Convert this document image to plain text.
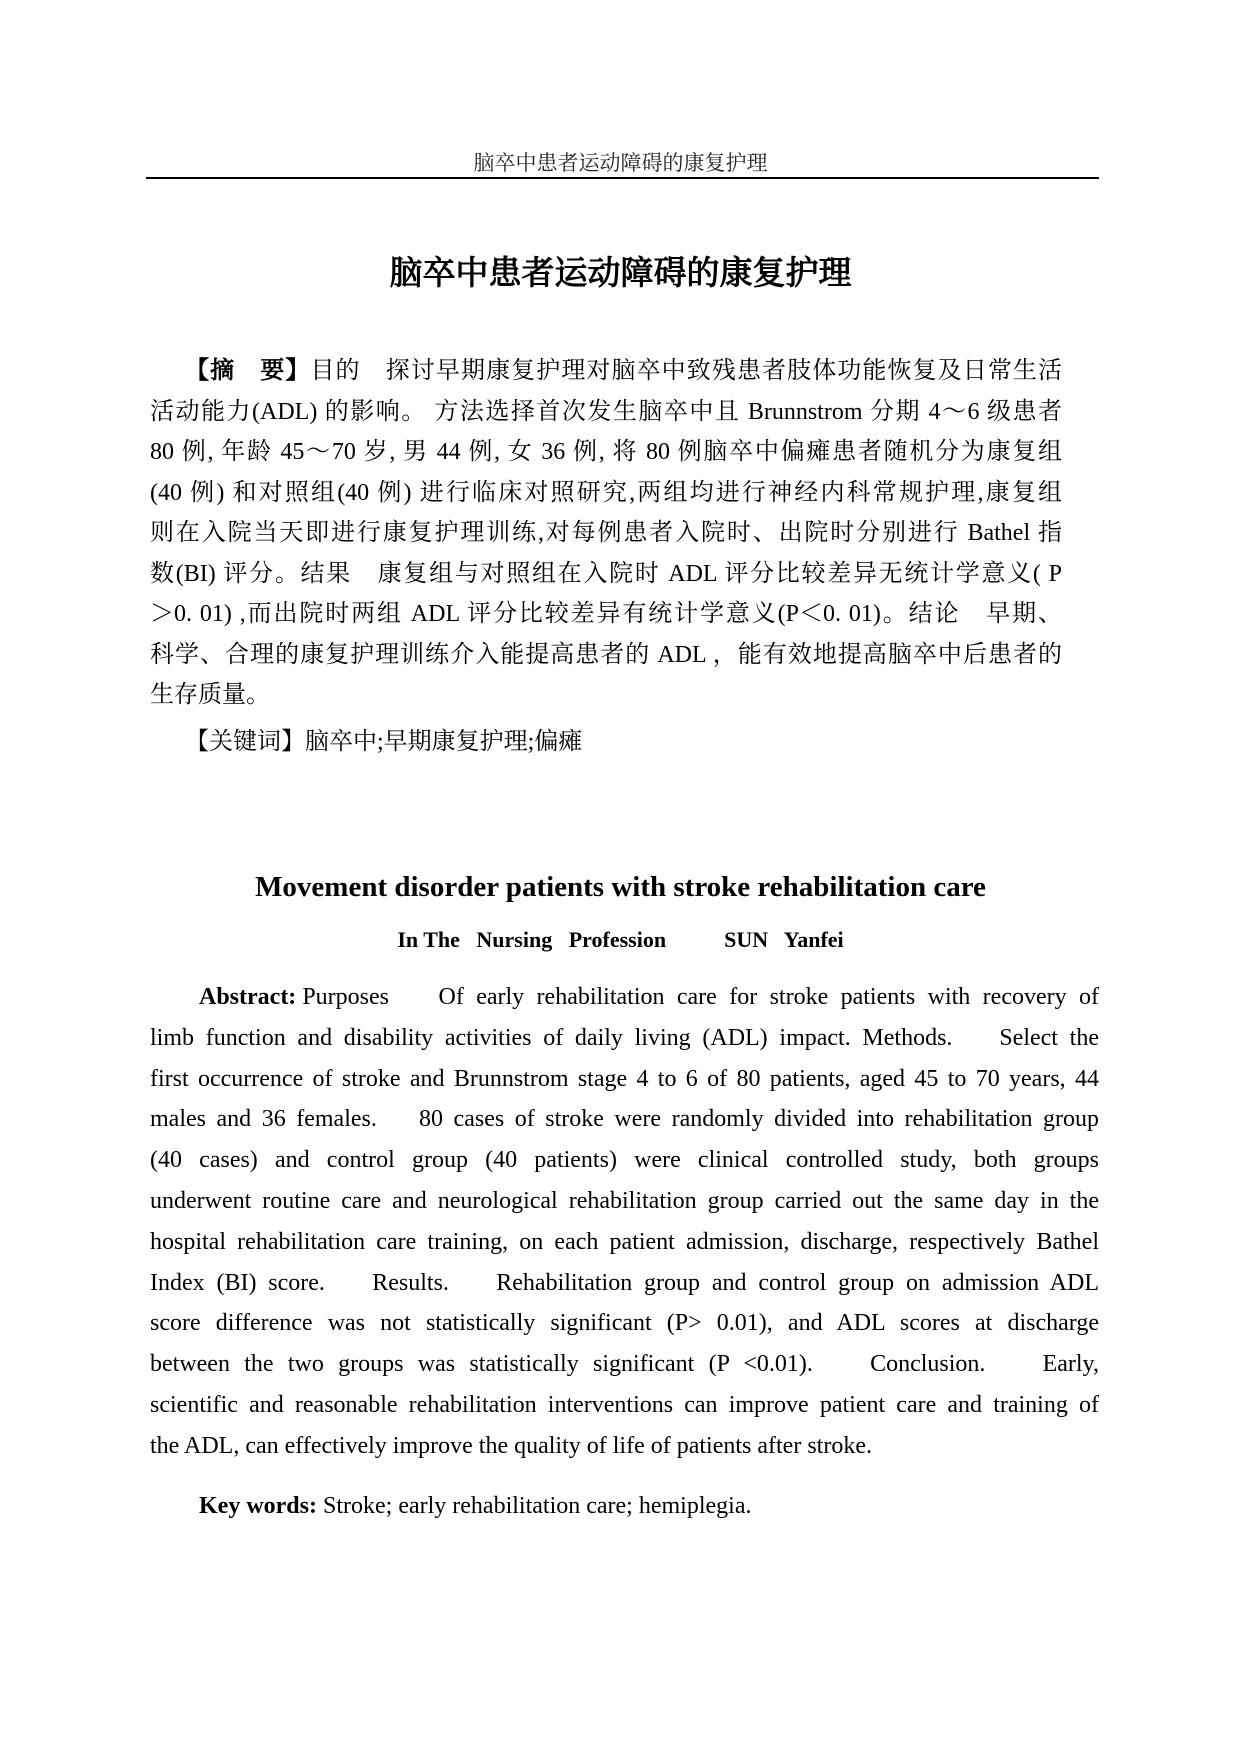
脑卒中患者运动障碍的康复护理
脑卒中患者运动障碍的康复护理
【摘　要】目的　探讨早期康复护理对脑卒中致残患者肢体功能恢复及日常生活
活动能力(ADL) 的影响。 方法选择首次发生脑卒中且 Brunnstrom 分期 4～6 级患者
80 例, 年龄 45～70 岁, 男 44 例, 女 36 例, 将 80 例脑卒中偏瘫患者随机分为康复组
(40 例) 和对照组(40 例) 进行临床对照研究,两组均进行神经内科常规护理,康复组
则在入院当天即进行康复护理训练,对每例患者入院时、出院时分别进行 Bathel 指
数(BI) 评分。结果　康复组与对照组在入院时 ADL 评分比较差异无统计学意义( P
＞0. 01) ,而出院时两组 ADL 评分比较差异有统计学意义(P＜0. 01)。结论　早期、
科学、合理的康复护理训练介入能提高患者的 ADL ，能有效地提高脑卒中后患者的
生存质量。
【关键词】脑卒中;早期康复护理;偏瘫
Movement disorder patients with stroke rehabilitation care
In The   Nursing   Profession	SUN   Yanfei
Abstract: Purposes    Of early rehabilitation care for stroke patients with recovery of
limb function and disability activities of daily living (ADL) impact. Methods.    Select the
first occurrence of stroke and Brunnstrom stage 4 to 6 of 80 patients, aged 45 to 70 years, 44
males and 36 females.    80 cases of stroke were randomly divided into rehabilitation group
(40 cases) and control group (40 patients) were clinical controlled study, both groups
underwent routine care and neurological rehabilitation group carried out the same day in the
hospital rehabilitation care training, on each patient admission, discharge, respectively Bathel
Index (BI) score.    Results.    Rehabilitation group and control group on admission ADL
score difference was not statistically significant (P> 0.01), and ADL scores at discharge
between the two groups was statistically significant (P <0.01).    Conclusion.    Early,
scientific and reasonable rehabilitation interventions can improve patient care and training of
the ADL, can effectively improve the quality of life of patients after stroke.
Key words: Stroke; early rehabilitation care; hemiplegia.
